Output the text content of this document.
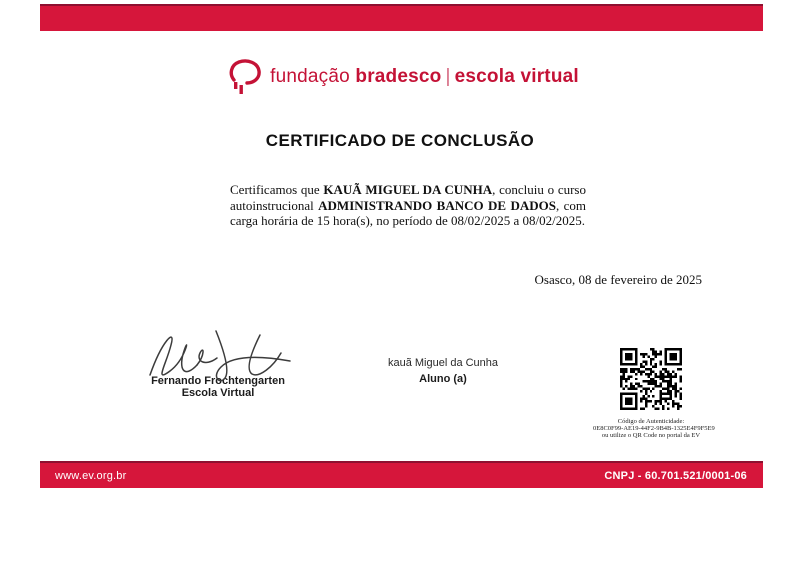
fundação bradesco | escola virtual
CERTIFICADO DE CONCLUSÃO

Certificamos que KAUÃ MIGUEL DA CUNHA, concluiu o curso autoinstrucional ADMINISTRANDO BANCO DE DADOS, com carga horária de 15 hora(s), no período de 08/02/2025 a 08/02/2025.

Osasco, 08 de fevereiro de 2025
Fernando Frochtengarten
Escola Virtual
kauã Miguel da Cunha
Aluno (a)
Código de Autenticidade:
0E8C0F99-AE19-44F2-9B4B-1325E4F9F5E9
ou utilize o QR Code no portal da EV
www.ev.org.br	CNPJ - 60.701.521/0001-06
